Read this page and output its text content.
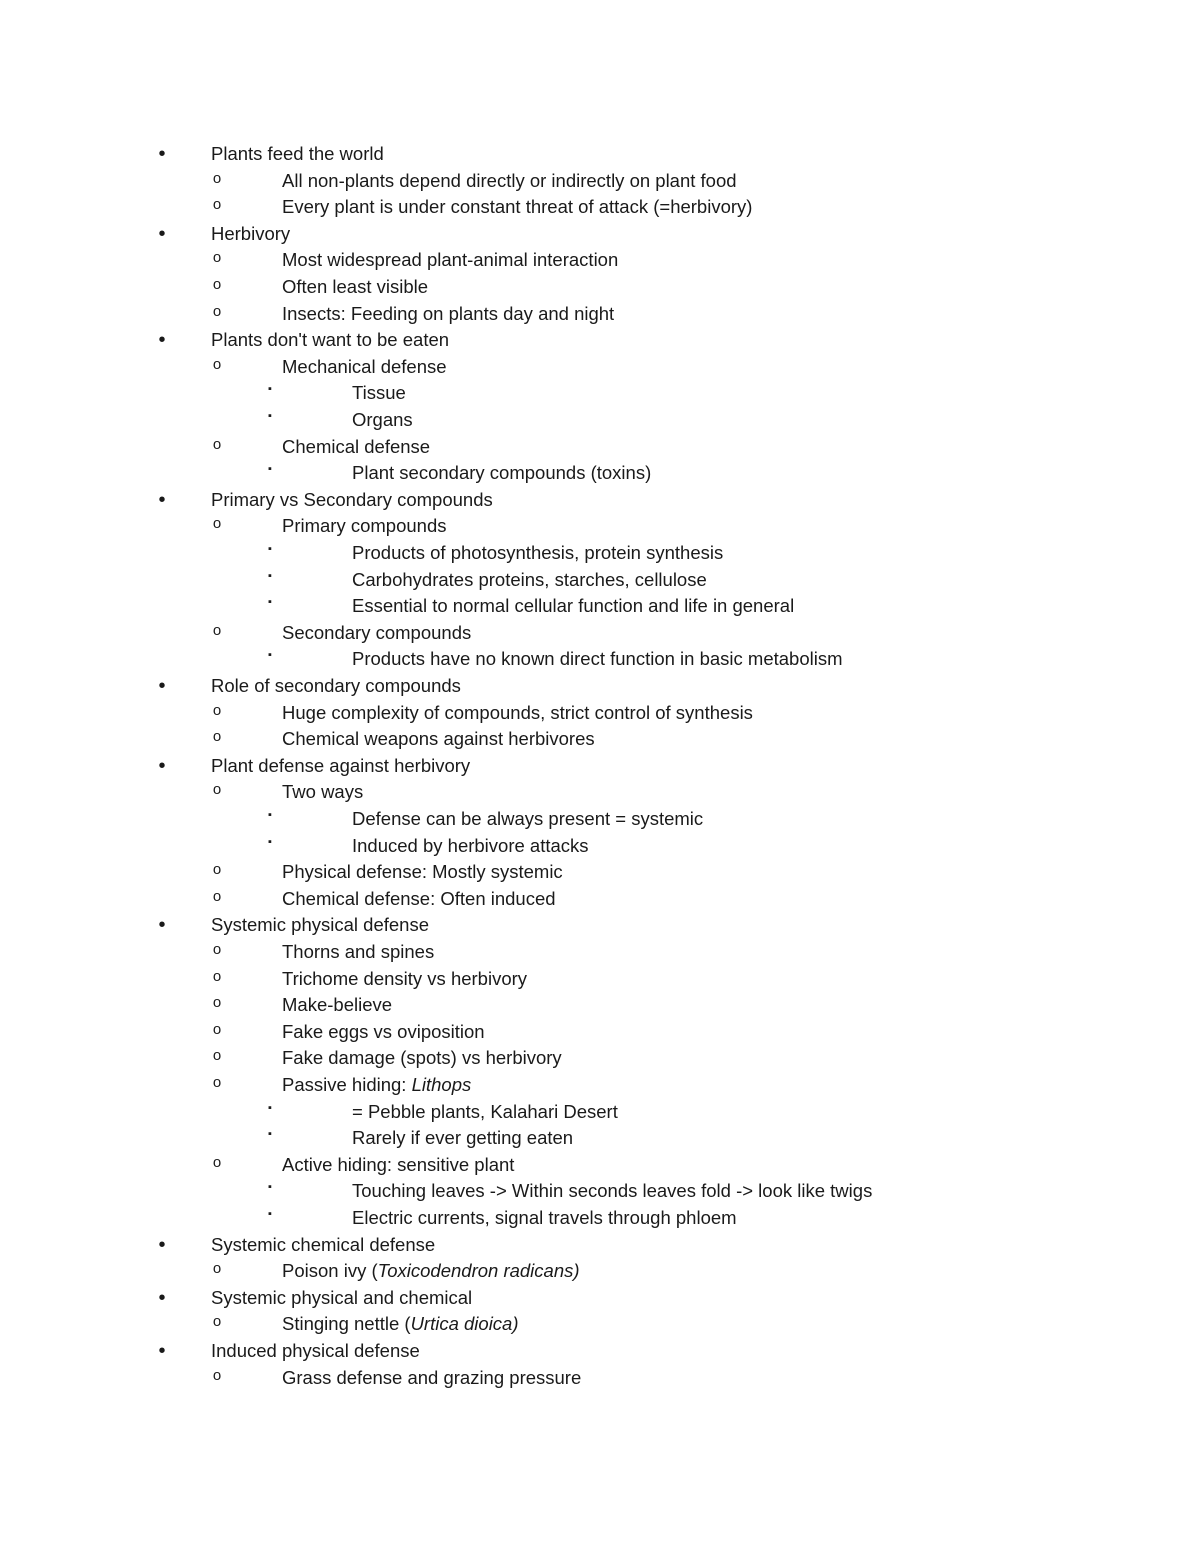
•	Plants feed the world
o	All non-plants depend directly or indirectly on plant food
o	Every plant is under constant threat of attack (=herbivory)
•	Herbivory
o	Most widespread plant-animal interaction
o	Often least visible
o	Insects: Feeding on plants day and night
•	Plants don't want to be eaten
o	Mechanical defense
▪	Tissue
▪	Organs
o	Chemical defense
▪	Plant secondary compounds (toxins)
•	Primary vs Secondary compounds
o	Primary compounds
▪	Products of photosynthesis, protein synthesis
▪	Carbohydrates proteins, starches, cellulose
▪	Essential to normal cellular function and life in general
o	Secondary compounds
▪	Products have no known direct function in basic metabolism
•	Role of secondary compounds
o	Huge complexity of compounds, strict control of synthesis
o	Chemical weapons against herbivores
•	Plant defense against herbivory
o	Two ways
▪	Defense can be always present = systemic
▪	Induced by herbivore attacks
o	Physical defense: Mostly systemic
o	Chemical defense: Often induced
•	Systemic physical defense
o	Thorns and spines
o	Trichome density vs herbivory
o	Make-believe
o	Fake eggs vs oviposition
o	Fake damage (spots) vs herbivory
o	Passive hiding: Lithops
▪	= Pebble plants, Kalahari Desert
▪	Rarely if ever getting eaten
o	Active hiding: sensitive plant
▪	Touching leaves -> Within seconds leaves fold -> look like twigs
▪	Electric currents, signal travels through phloem
•	Systemic chemical defense
o	Poison ivy (Toxicodendron radicans)
•	Systemic physical and chemical
o	Stinging nettle (Urtica dioica)
•	Induced physical defense
o	Grass defense and grazing pressure
